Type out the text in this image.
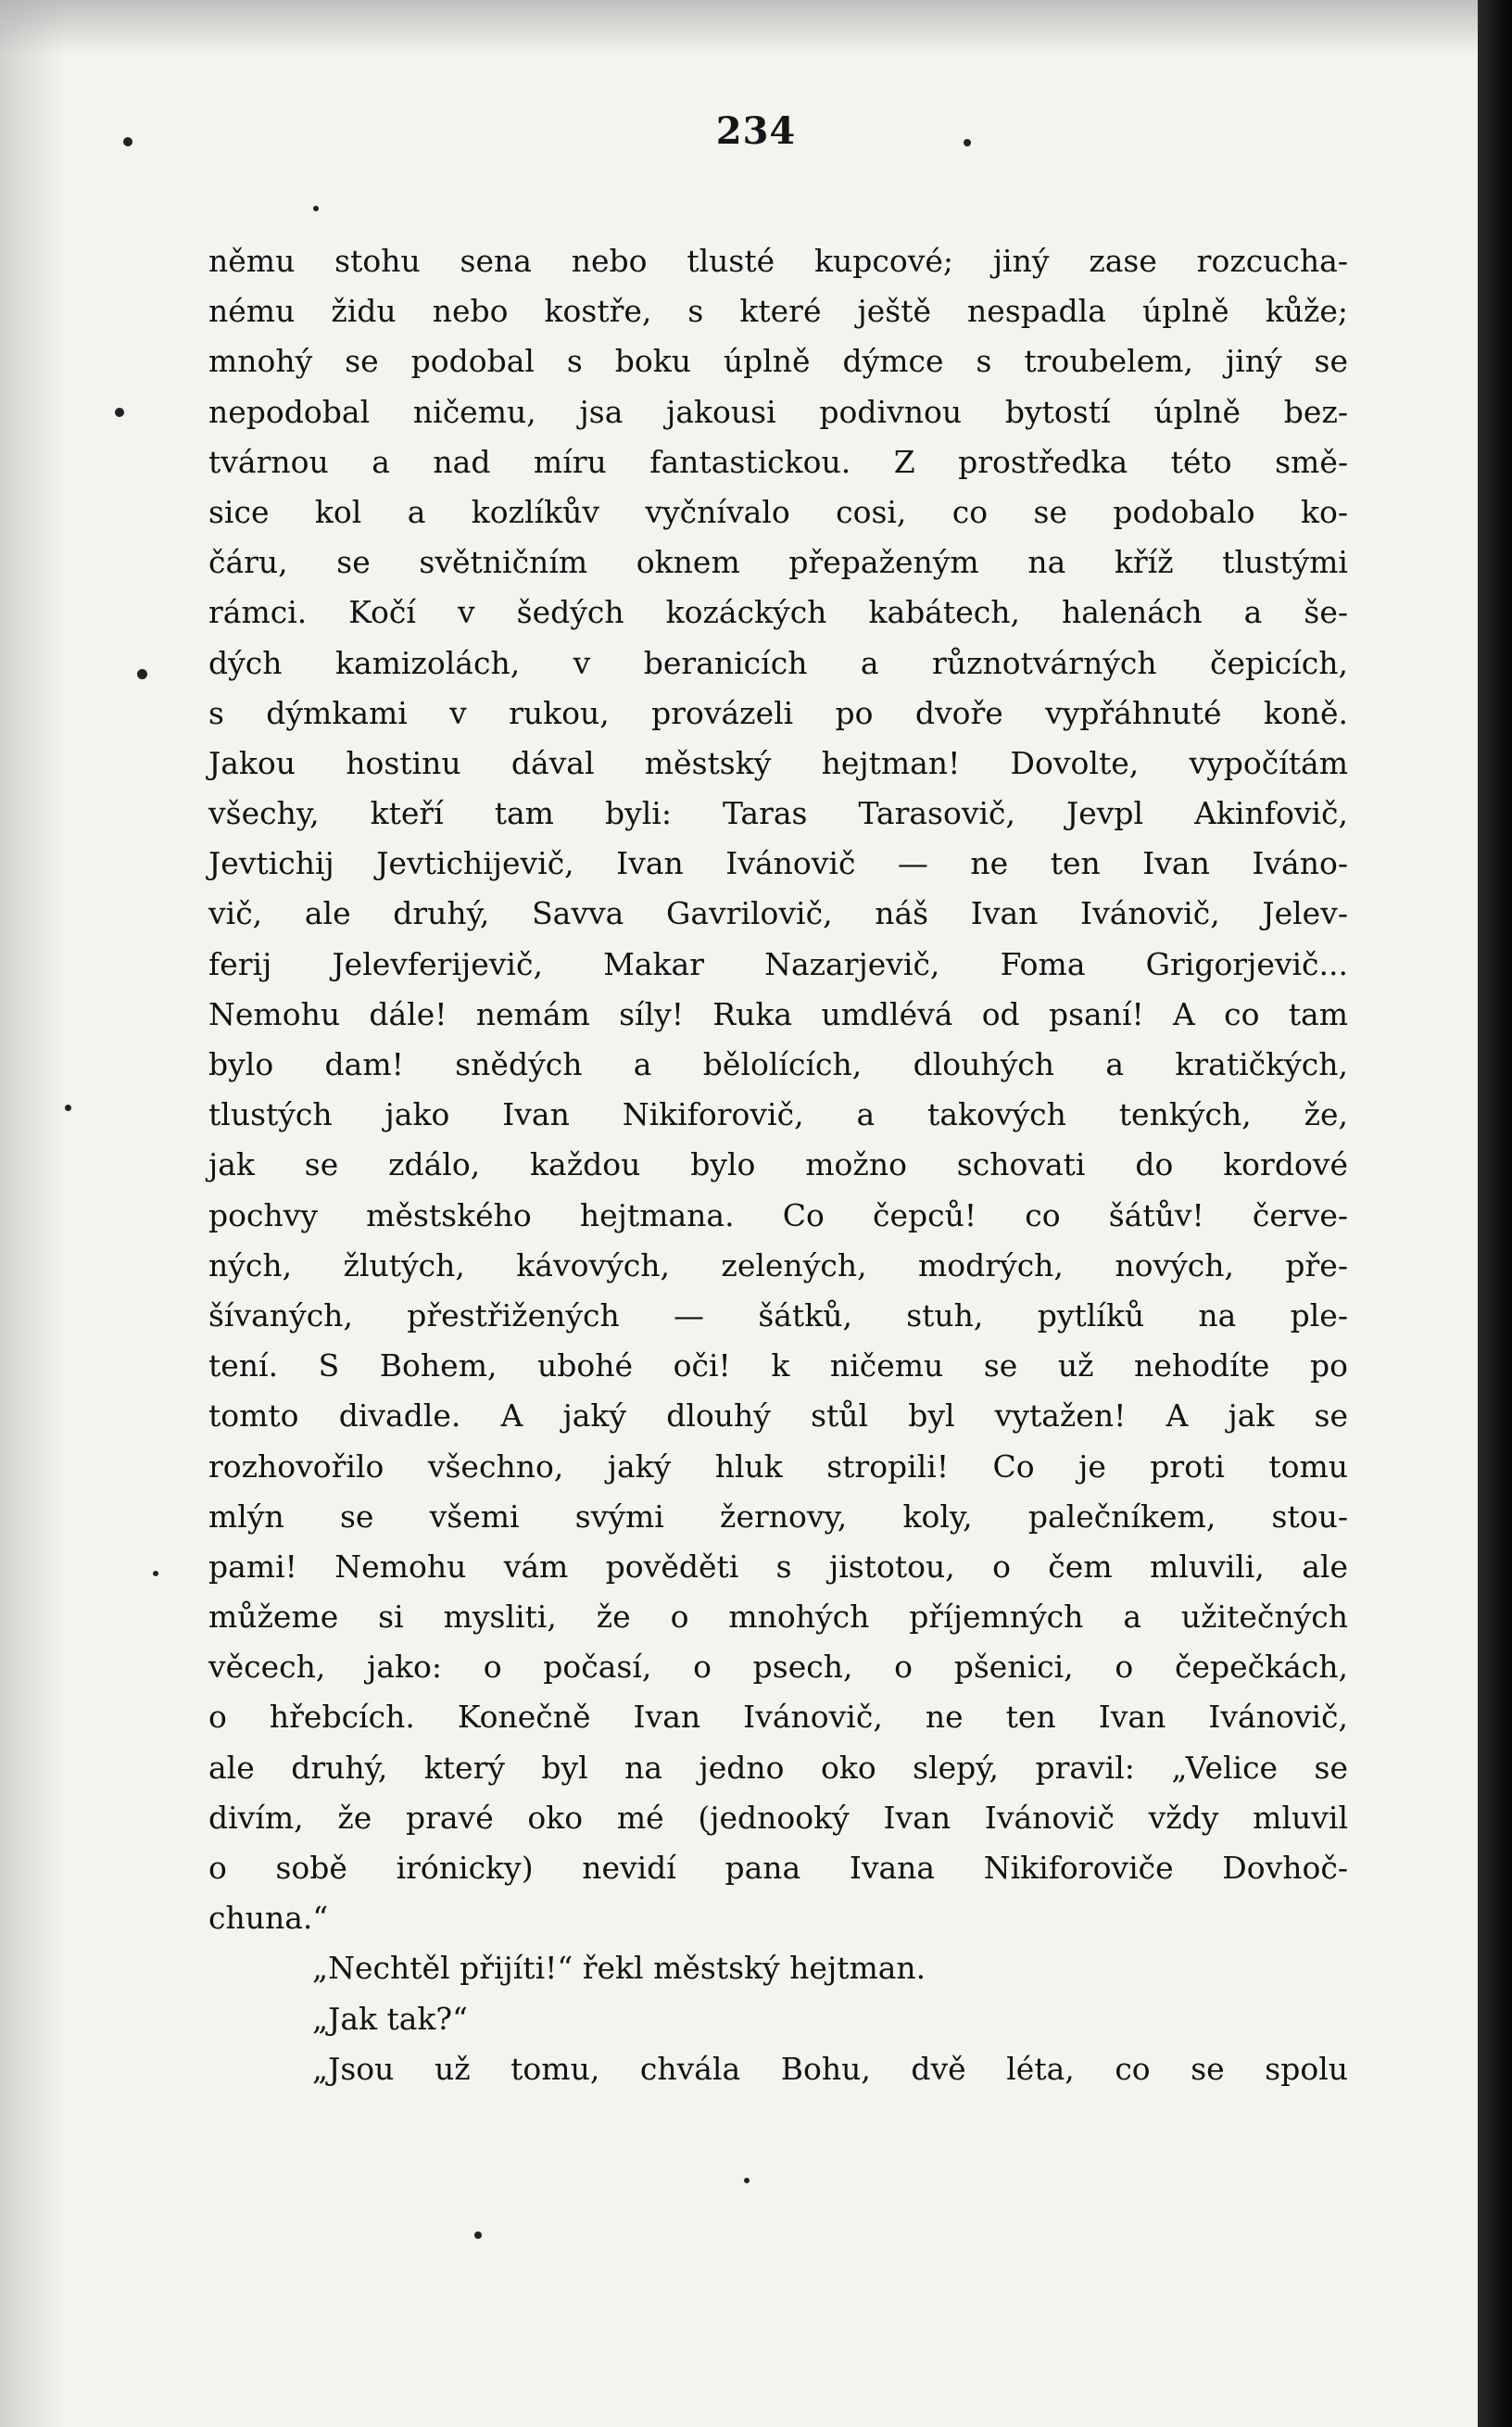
234
němu stohu sena nebo tlusté kupcové; jiný zase rozcucha-
nému židu nebo kostře, s které ještě nespadla úplně kůže;
mnohý se podobal s boku úplně dýmce s troubelem, jiný se
nepodobal ničemu, jsa jakousi podivnou bytostí úplně bez-
tvárnou a nad míru fantastickou. Z prostředka této smě-
sice kol a kozlíkův vyčnívalo cosi, co se podobalo ko-
čáru, se světničním oknem přepaženým na kříž tlustými
rámci. Kočí v šedých kozáckých kabátech, halenách a še-
dých kamizolách, v beranicích a různotvárných čepicích,
s dýmkami v rukou, provázeli po dvoře vypřáhnuté koně.
Jakou hostinu dával městský hejtman! Dovolte, vypočítám
všechy, kteří tam byli: Taras Tarasovič, Jevpl Akinfovič,
Jevtichij Jevtichijevič, Ivan Ivánovič — ne ten Ivan Ivánο-
vič, ale druhý, Savva Gavrilovič, náš Ivan Ivánovič, Jelev-
ferij Jelevferijevič, Makar Nazarjevič, Foma Grigorjevič...
Nemohu dále! nemám síly! Ruka umdlévá od psaní! A co tam
bylo dam! snědých a bělolících, dlouhých a kratičkých,
tlustých jako Ivan Nikiforovič, a takových tenkých, že,
jak se zdálo, každou bylo možno schovati do kordové
pochvy městského hejtmana. Co čepců! co šátův! červe-
ných, žlutých, kávových, zelených, modrých, nových, pře-
šívaných, přestřižených — šátků, stuh, pytlíků na ple-
tení. S Bohem, ubohé oči! k ničemu se už nehodíte po
tomto divadle. A jaký dlouhý stůl byl vytažen! A jak se
rozhovořilo všechno, jaký hluk stropili! Co je proti tomu
mlýn se všemi svými žernovy, koly, palečníkem, stou-
pami! Nemohu vám pověděti s jistotou, o čem mluvili, ale
můžeme si mysliti, že o mnohých příjemných a užitečných
věcech, jako: o počasí, o psech, o pšenici, o čepečkách,
o hřebcích. Konečně Ivan Ivánovič, ne ten Ivan Ivánovič,
ale druhý, který byl na jedno oko slepý, pravil: „Velice se
divím, že pravé oko mé (jednooký Ivan Ivánovič vždy mluvil
o sobě irónicky) nevidí pana Ivana Nikiforoviče Dovhoč-
chuna.“
„Nechtěl přijíti!“ řekl městský hejtman.
„Jak tak?“
„Jsou už tomu, chvála Bohu, dvě léta, co se spolu
